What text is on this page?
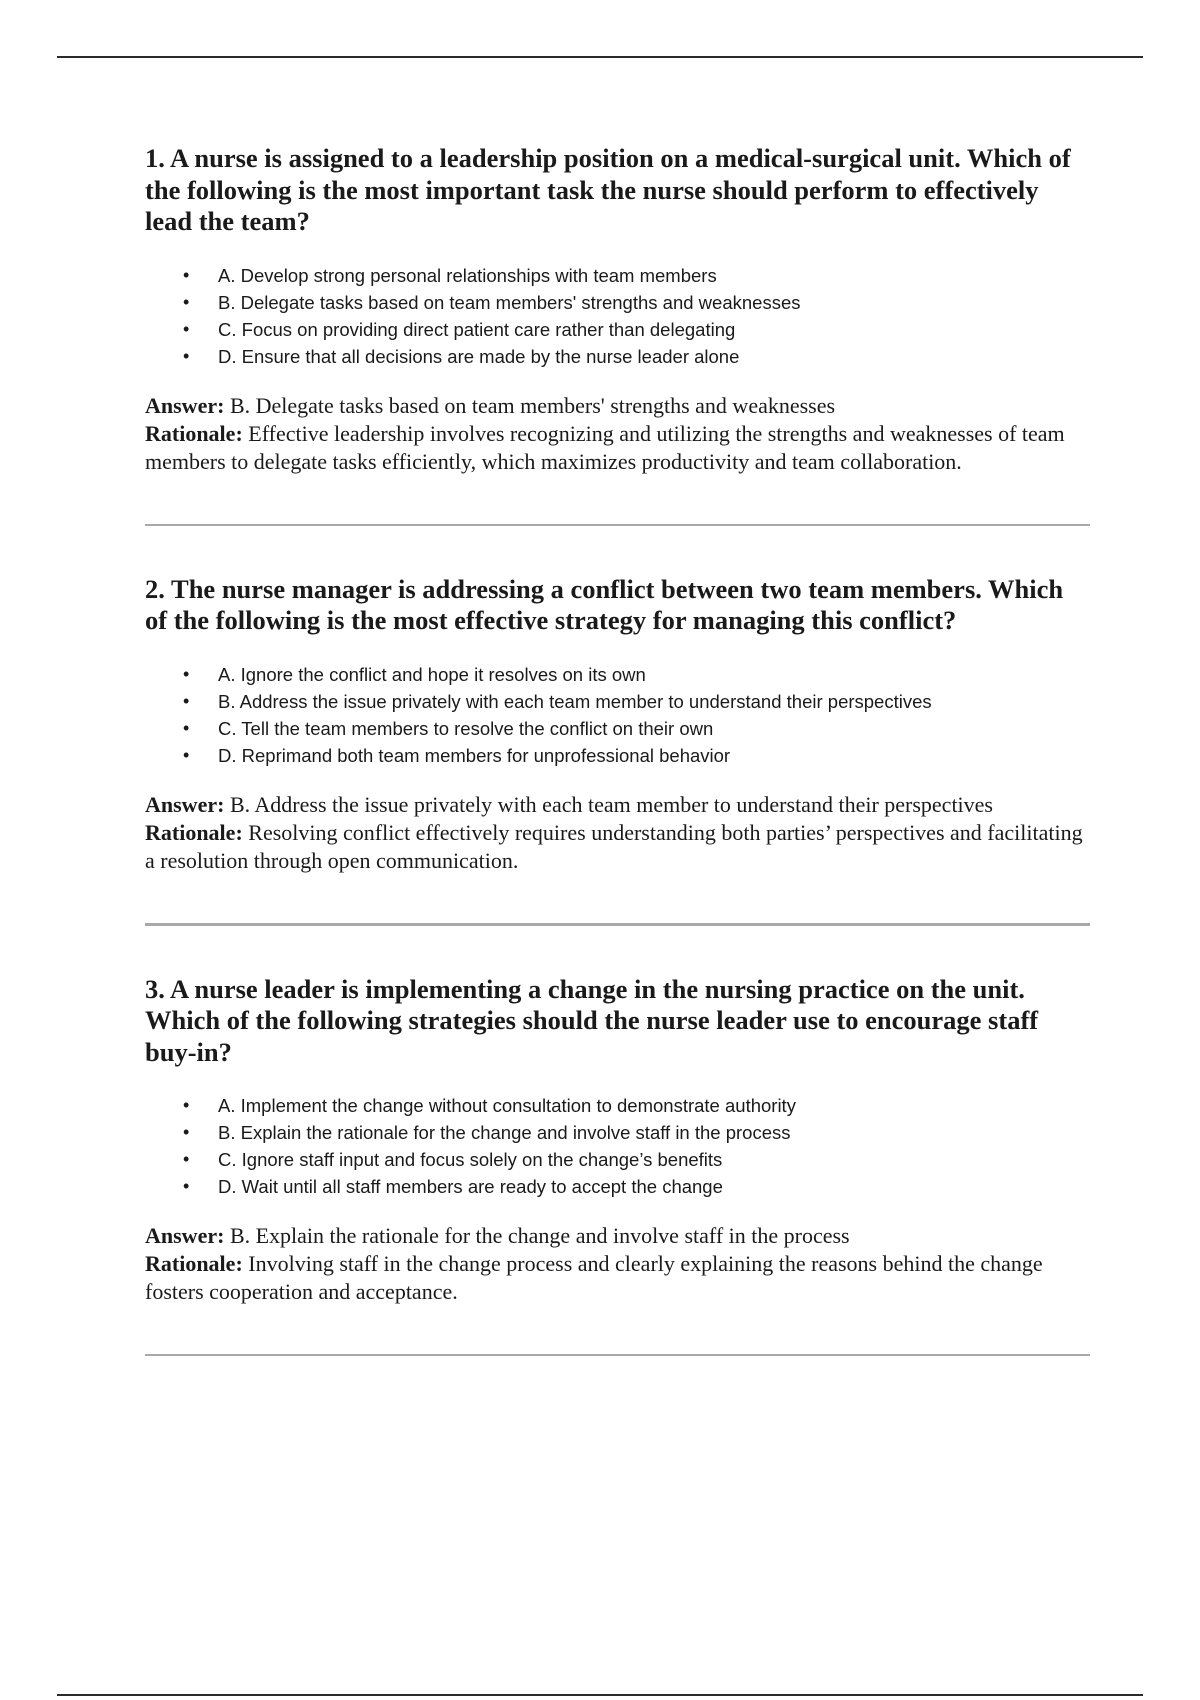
1. A nurse is assigned to a leadership position on a medical-surgical unit. Which of the following is the most important task the nurse should perform to effectively lead the team?
• A. Develop strong personal relationships with team members
• B. Delegate tasks based on team members' strengths and weaknesses
• C. Focus on providing direct patient care rather than delegating
• D. Ensure that all decisions are made by the nurse leader alone

Answer: B. Delegate tasks based on team members' strengths and weaknesses

Rationale: Effective leadership involves recognizing and utilizing the strengths and weaknesses of team members to delegate tasks efficiently, which maximizes productivity and team collaboration.

2. The nurse manager is addressing a conflict between two team members. Which of the following is the most effective strategy for managing this conflict?
• A. Ignore the conflict and hope it resolves on its own
• B. Address the issue privately with each team member to understand their perspectives
• C. Tell the team members to resolve the conflict on their own
• D. Reprimand both team members for unprofessional behavior

Answer: B. Address the issue privately with each team member to understand their perspectives

Rationale: Resolving conflict effectively requires understanding both parties’ perspectives and facilitating a resolution through open communication.

3. A nurse leader is implementing a change in the nursing practice on the unit. Which of the following strategies should the nurse leader use to encourage staff buy-in?
• A. Implement the change without consultation to demonstrate authority
• B. Explain the rationale for the change and involve staff in the process
• C. Ignore staff input and focus solely on the change’s benefits
• D. Wait until all staff members are ready to accept the change

Answer: B. Explain the rationale for the change and involve staff in the process

Rationale: Involving staff in the change process and clearly explaining the reasons behind the change fosters cooperation and acceptance.
